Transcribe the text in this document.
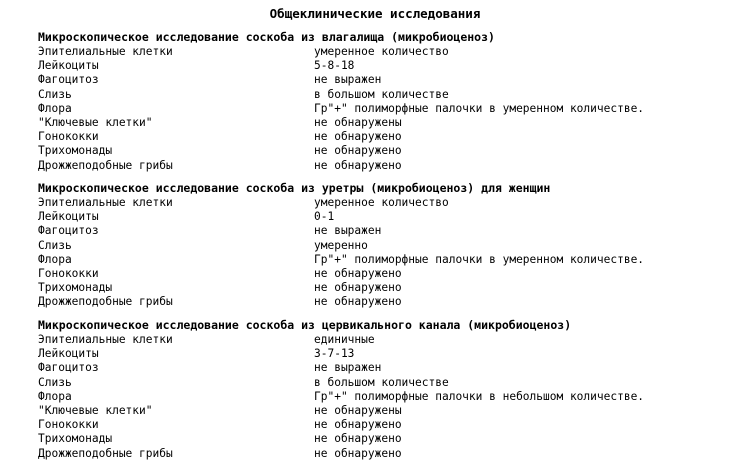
Общеклинические исследования
Микроскопическое исследование соскоба из влагалища (микробиоценоз)
Эпителиальные клетки	умеренное количество
Лейкоциты	5-8-18
Фагоцитоз	не выражен
Слизь	в большом количестве
Флора	Гр"+" полиморфные палочки в умеренном количестве.
"Ключевые клетки"	не обнаружены
Гонококки	не обнаружено
Трихомонады	не обнаружено
Дрожжеподобные грибы	не обнаружено
Микроскопическое исследование соскоба из уретры (микробиоценоз) для женщин
Эпителиальные клетки	умеренное количество
Лейкоциты	0-1
Фагоцитоз	не выражен
Слизь	умеренно
Флора	Гр"+" полиморфные палочки в умеренном количестве.
Гонококки	не обнаружено
Трихомонады	не обнаружено
Дрожжеподобные грибы	не обнаружено
Микроскопическое исследование соскоба из цервикального канала (микробиоценоз)
Эпителиальные клетки	единичные
Лейкоциты	3-7-13
Фагоцитоз	не выражен
Слизь	в большом количестве
Флора	Гр"+" полиморфные палочки в небольшом количестве.
"Ключевые клетки"	не обнаружены
Гонококки	не обнаружено
Трихомонады	не обнаружено
Дрожжеподобные грибы	не обнаружено
